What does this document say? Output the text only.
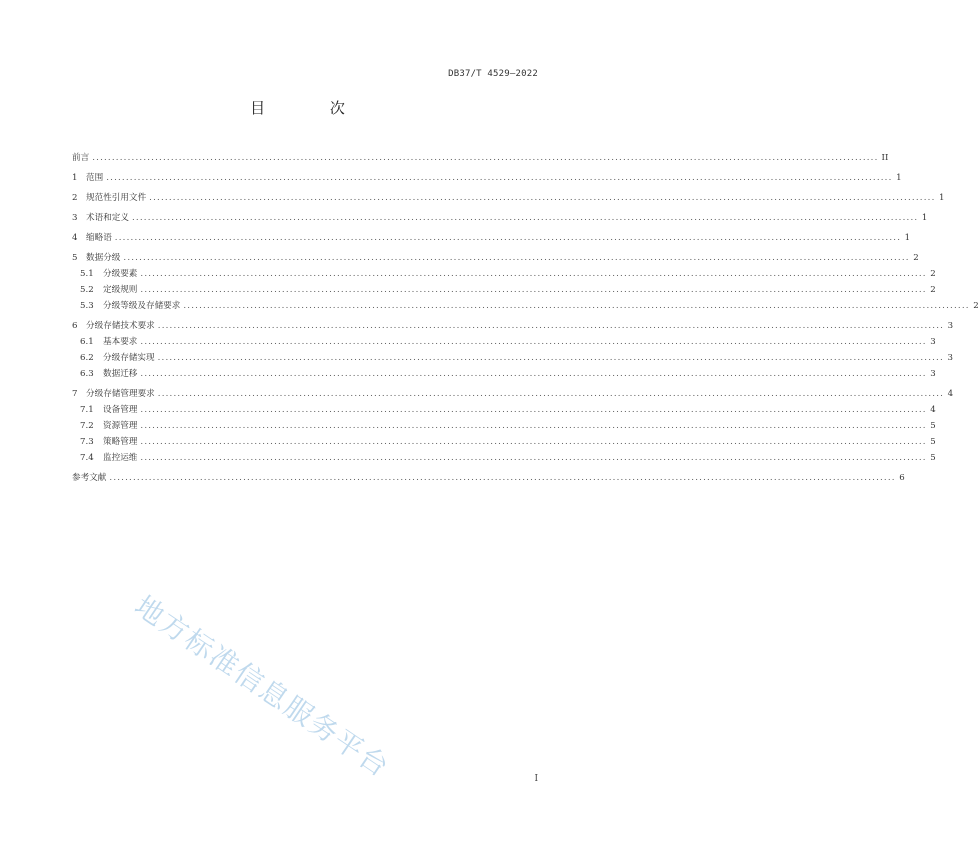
DB37/T 4529—2022
目 次
前言 ........................................................................................................................................................................................................ II
1 范围 ........................................................................................................................................................................................................ 1
2 规范性引用文件 ........................................................................................................................................................................................................ 1
3 术语和定义 ........................................................................................................................................................................................................ 1
4 缩略语 ........................................................................................................................................................................................................ 1
5 数据分级 ........................................................................................................................................................................................................ 2
5.1	分级要素 ........................................................................................................................................................................................................ 2
5.2	定级规则 ........................................................................................................................................................................................................ 2
5.3	分级等级及存储要求 ........................................................................................................................................................................................................ 2
6 分级存储技术要求 ........................................................................................................................................................................................................ 3
6.1	基本要求 ........................................................................................................................................................................................................ 3
6.2	分级存储实现 ........................................................................................................................................................................................................ 3
6.3	数据迁移 ........................................................................................................................................................................................................ 3
7 分级存储管理要求 ........................................................................................................................................................................................................ 4
7.1	设备管理 ........................................................................................................................................................................................................ 4
7.2	资源管理 ........................................................................................................................................................................................................ 5
7.3	策略管理 ........................................................................................................................................................................................................ 5
7.4	监控运维 ........................................................................................................................................................................................................ 5
参考文献 ........................................................................................................................................................................................................ 6
地方标准信息服务平台	I
